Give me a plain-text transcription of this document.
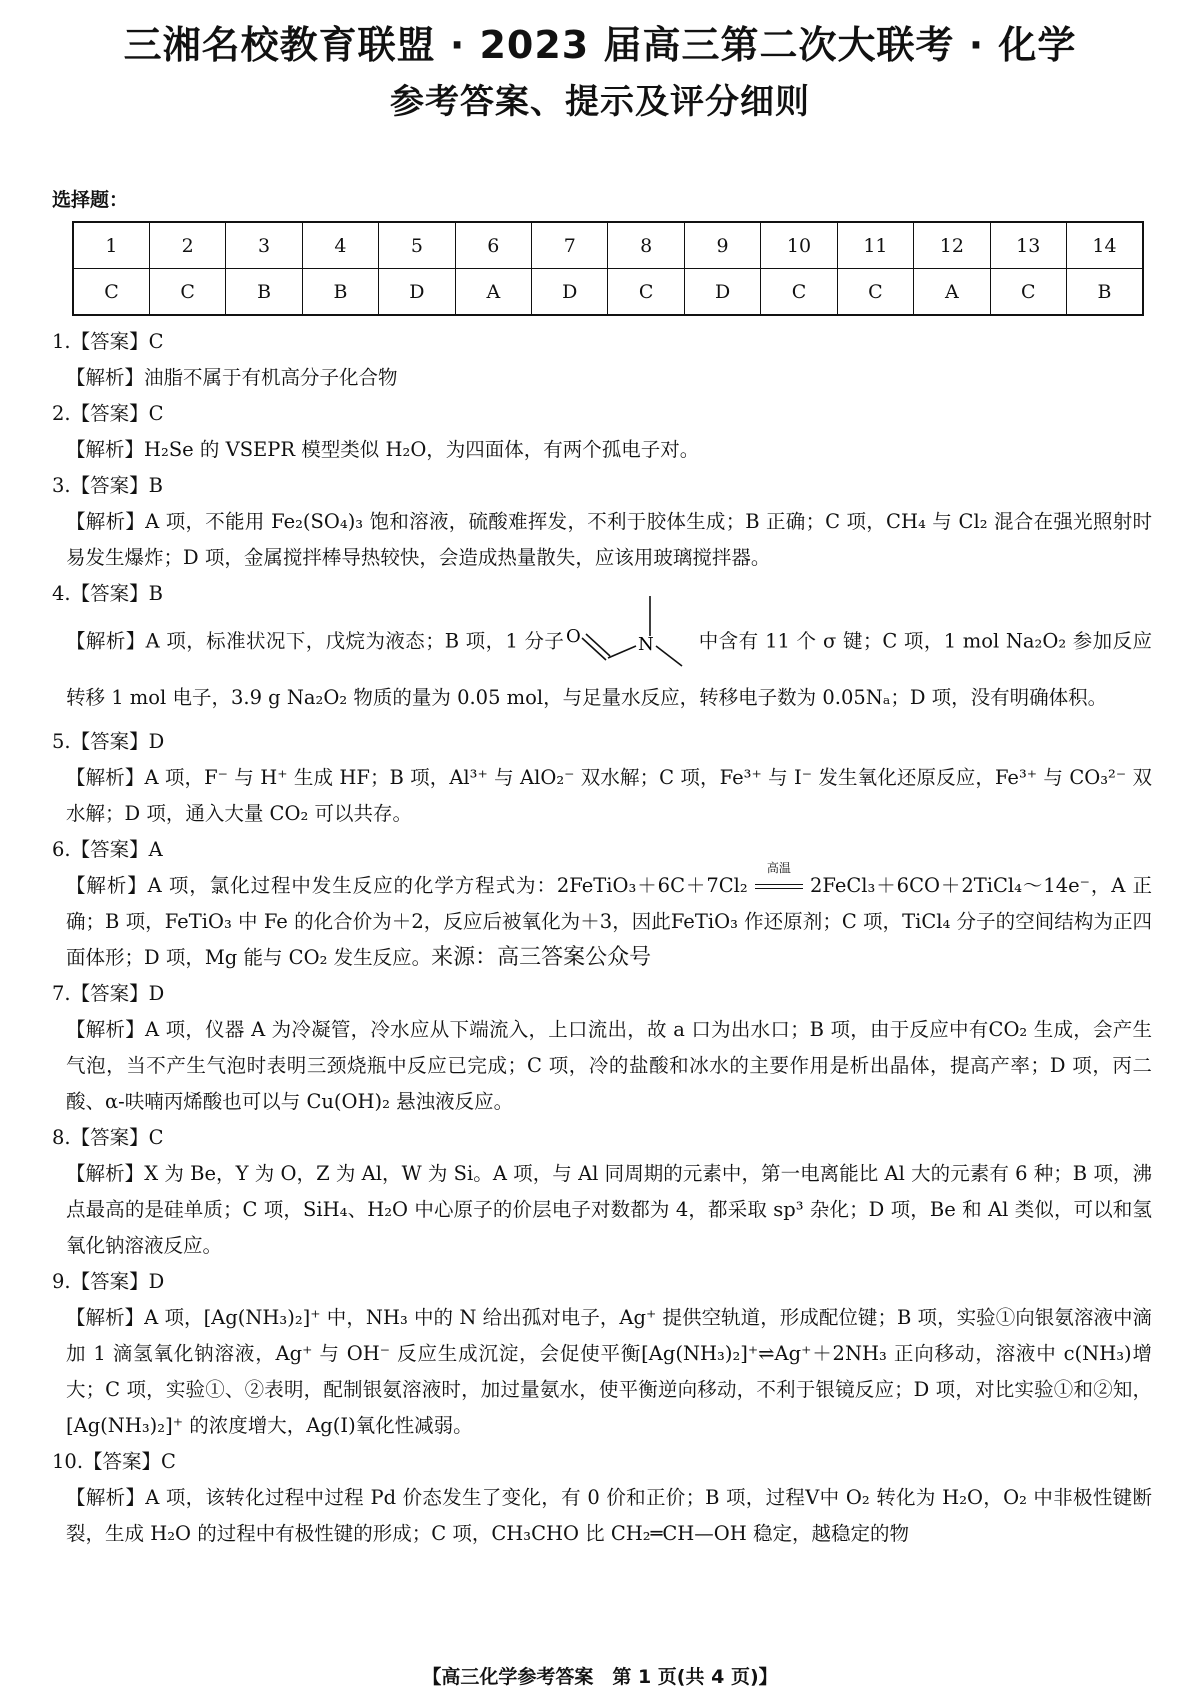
三湘名校教育联盟 · 2023 届高三第二次大联考 · 化学
参考答案、提示及评分细则
选择题：
1	2	3	4	5	6	7	8	9	10	11	12	13	14
C	C	B	B	D	A	D	C	D	C	C	A	C	B

1.【答案】C

【解析】油脂不属于有机高分子化合物

2.【答案】C

【解析】H₂Se 的 VSEPR 模型类似 H₂O，为四面体，有两个孤电子对。

3.【答案】B

【解析】A 项，不能用 Fe₂(SO₄)₃ 饱和溶液，硫酸难挥发，不利于胶体生成；B 正确；C 项，CH₄ 与 Cl₂ 混合在强光照射时易发生爆炸；D 项，金属搅拌棒导热较快，会造成热量散失，应该用玻璃搅拌器。

4.【答案】B

【解析】A 项，标准状况下，戊烷为液态；B 项，1 分子 O	N 中含有 11 个 σ 键；C 项，1 mol Na₂O₂ 参加反应转移 1 mol 电子，3.9 g Na₂O₂ 物质的量为 0.05 mol，与足量水反应，转移电子数为 0.05Nₐ；D 项，没有明确体积。

5.【答案】D

【解析】A 项，F⁻ 与 H⁺ 生成 HF；B 项，Al³⁺ 与 AlO₂⁻ 双水解；C 项，Fe³⁺ 与 I⁻ 发生氧化还原反应，Fe³⁺ 与 CO₃²⁻ 双水解；D 项，通入大量 CO₂ 可以共存。

6.【答案】A

【解析】A 项，氯化过程中发生反应的化学方程式为：2FeTiO₃＋6C＋7Cl₂
高温
2FeCl₃＋6CO＋2TiCl₄～14e⁻，A 正确；B 项，FeTiO₃ 中 Fe 的化合价为＋2，反应后被氧化为＋3，因此FeTiO₃ 作还原剂；C 项，TiCl₄ 分子的空间结构为正四面体形；D 项，Mg 能与 CO₂ 发生反应。来源：高三答案公众号

7.【答案】D

【解析】A 项，仪器 A 为冷凝管，冷水应从下端流入，上口流出，故 a 口为出水口；B 项，由于反应中有CO₂ 生成，会产生气泡，当不产生气泡时表明三颈烧瓶中反应已完成；C 项，冷的盐酸和冰水的主要作用是析出晶体，提高产率；D 项，丙二酸、α-呋喃丙烯酸也可以与 Cu(OH)₂ 悬浊液反应。

8.【答案】C

【解析】X 为 Be，Y 为 O，Z 为 Al，W 为 Si。A 项，与 Al 同周期的元素中，第一电离能比 Al 大的元素有 6 种；B 项，沸点最高的是硅单质；C 项，SiH₄、H₂O 中心原子的价层电子对数都为 4，都采取 sp³ 杂化；D 项，Be 和 Al 类似，可以和氢氧化钠溶液反应。

9.【答案】D

【解析】A 项，[Ag(NH₃)₂]⁺ 中，NH₃ 中的 N 给出孤对电子，Ag⁺ 提供空轨道，形成配位键；B 项，实验①向银氨溶液中滴加 1 滴氢氧化钠溶液，Ag⁺ 与 OH⁻ 反应生成沉淀，会促使平衡[Ag(NH₃)₂]⁺⇌Ag⁺＋2NH₃ 正向移动，溶液中 c(NH₃)增大；C 项，实验①、②表明，配制银氨溶液时，加过量氨水，使平衡逆向移动，不利于银镜反应；D 项，对比实验①和②知，[Ag(NH₃)₂]⁺ 的浓度增大，Ag(Ⅰ)氧化性减弱。

10.【答案】C

【解析】A 项，该转化过程中过程 Pd 价态发生了变化，有 0 价和正价；B 项，过程Ⅴ中 O₂ 转化为 H₂O，O₂ 中非极性键断裂，生成 H₂O 的过程中有极性键的形成；C 项，CH₃CHO 比 CH₂═CH—OH 稳定，越稳定的物

【高三化学参考答案　第 1 页(共 4 页)】
